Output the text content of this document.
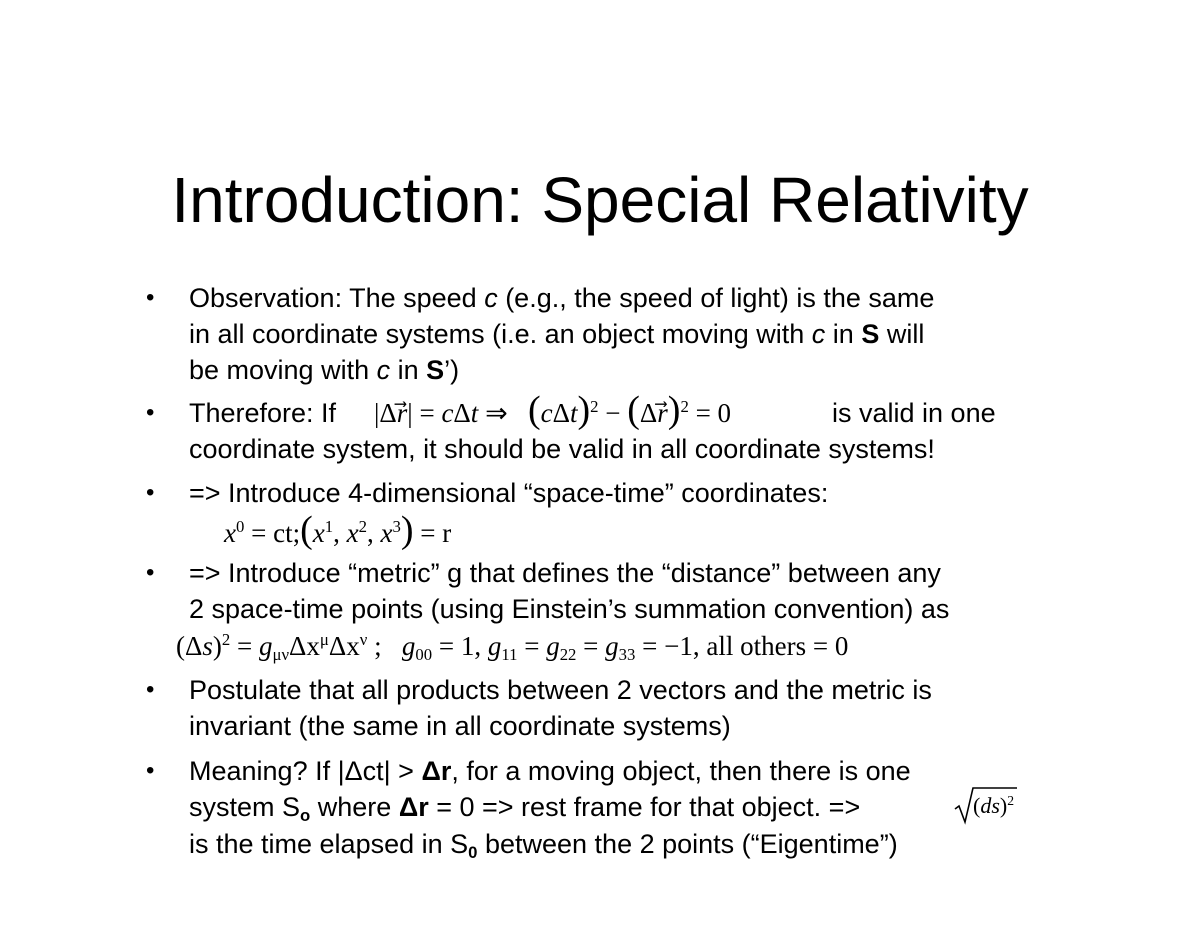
Introduction: Special Relativity
• Observation: The speed c (e.g., the speed of light) is the same
in all coordinate systems (i.e. an object moving with c in S will
be moving with c in S’)
• Therefore: If |Δr| = cΔt ⇒ $(c\Delta t)^2 - (\Delta r)^2 = 0$	is valid in one
coordinate system, it should be valid in all coordinate systems!
• => Introduce 4-dimensional “space-time” coordinates:
$x^0$ = $ct;(x^1$, $x^2$, $x^3) = r$
• => Introduce “metric” g that defines the “distance” between any
2 space-time points (using Einstein’s summation convention) as
$(\Delta s)^2 = g_{\mu\nu}\Delta x^\mu\Delta x^\nu$ ; $g_{00} = 1$, $g_{11} = g_{22} = g_{33} = -1$, all others = 0
• Postulate that all products between 2 vectors and the metric is
invariant (the same in all coordinate systems)
• Meaning? If |Δct| > Δr, for a moving object, then there is one
system $S_o$ where Δr = 0 => rest frame for that object. =>	(ds)$^2$
is the time elapsed in $S_0$ between the 2 points (“Eigentime”)
